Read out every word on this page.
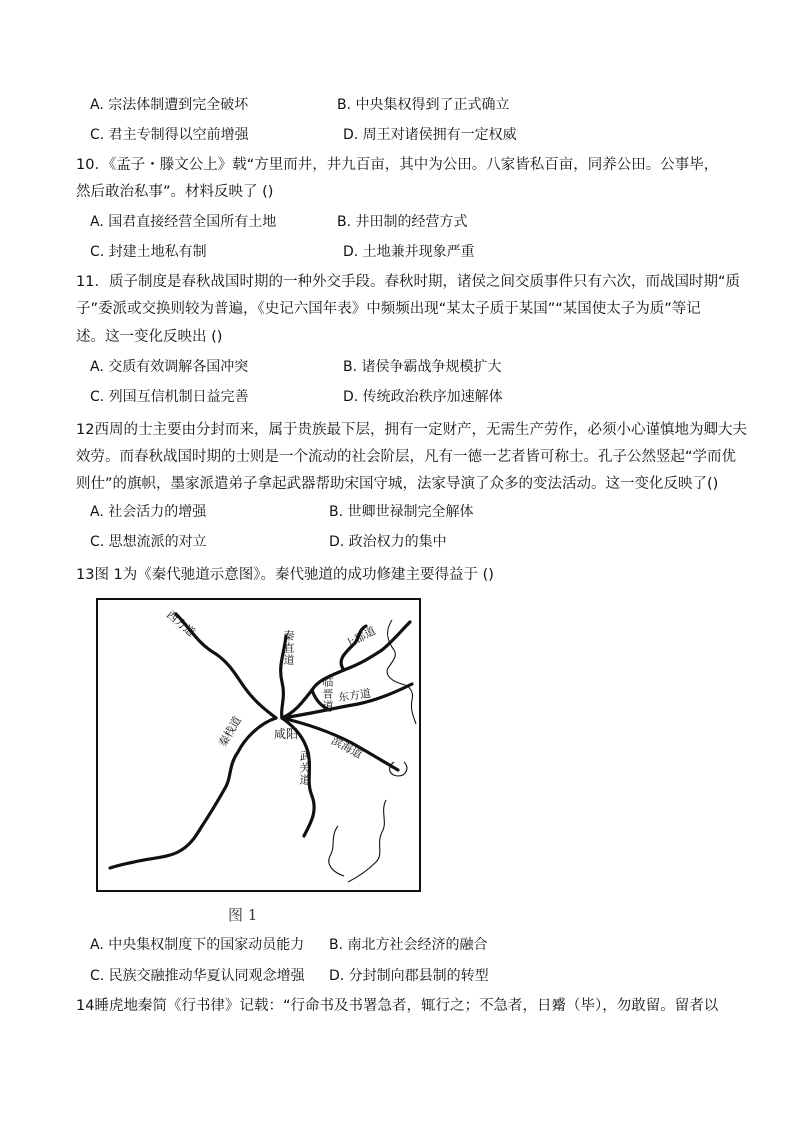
A. 宗法体制遭到完全破坏	B. 中央集权得到了正式确立
C. 君主专制得以空前增强	D. 周王对诸侯拥有一定权威
10．《孟子・滕文公上》载“方里而井，井九百亩，其中为公田。八家皆私百亩，同养公田。公事毕，
然后敢治私事”。材料反映了 ()
A. 国君直接经营全国所有土地	B. 井田制的经营方式
C. 封建土地私有制	D. 土地兼并现象严重
11．质子制度是春秋战国时期的一种外交手段。春秋时期，诸侯之间交质事件只有六次，而战国时期“质
子”委派或交换则较为普遍，《史记六国年表》中频频出现“某太子质于某国”“某国使太子为质”等记
述。这一变化反映出 ()
A. 交质有效调解各国冲突	B. 诸侯争霸战争规模扩大
C. 列国互信机制日益完善	D. 传统政治秩序加速解体
12西周的士主要由分封而来，属于贵族最下层，拥有一定财产，无需生产劳作，必须小心谨慎地为卿大夫
效劳。而春秋战国时期的士则是一个流动的社会阶层，凡有一德一艺者皆可称士。孔子公然竖起“学而优
则仕”的旗帜，墨家派遣弟子拿起武器帮助宋国守城，法家导演了众多的变法活动。这一变化反映了()
A. 社会活力的增强	B. 世卿世禄制完全解体
C. 思想流派的对立	D. 政治权力的集中
13图 1为《秦代驰道示意图》。秦代驰道的成功修建主要得益于 ()
西方道
秦直道	上郡道
临晋道 东方道
咸阳
秦栈道
武关道
滨海道
图 1
A. 中央集权制度下的国家动员能力 B. 南北方社会经济的融合
C. 民族交融推动华夏认同观念增强 D. 分封制向郡县制的转型
14睡虎地秦简《行书律》记载：“行命书及书署急者，辄行之；不急者，日觱（毕），勿敢留。留者以
